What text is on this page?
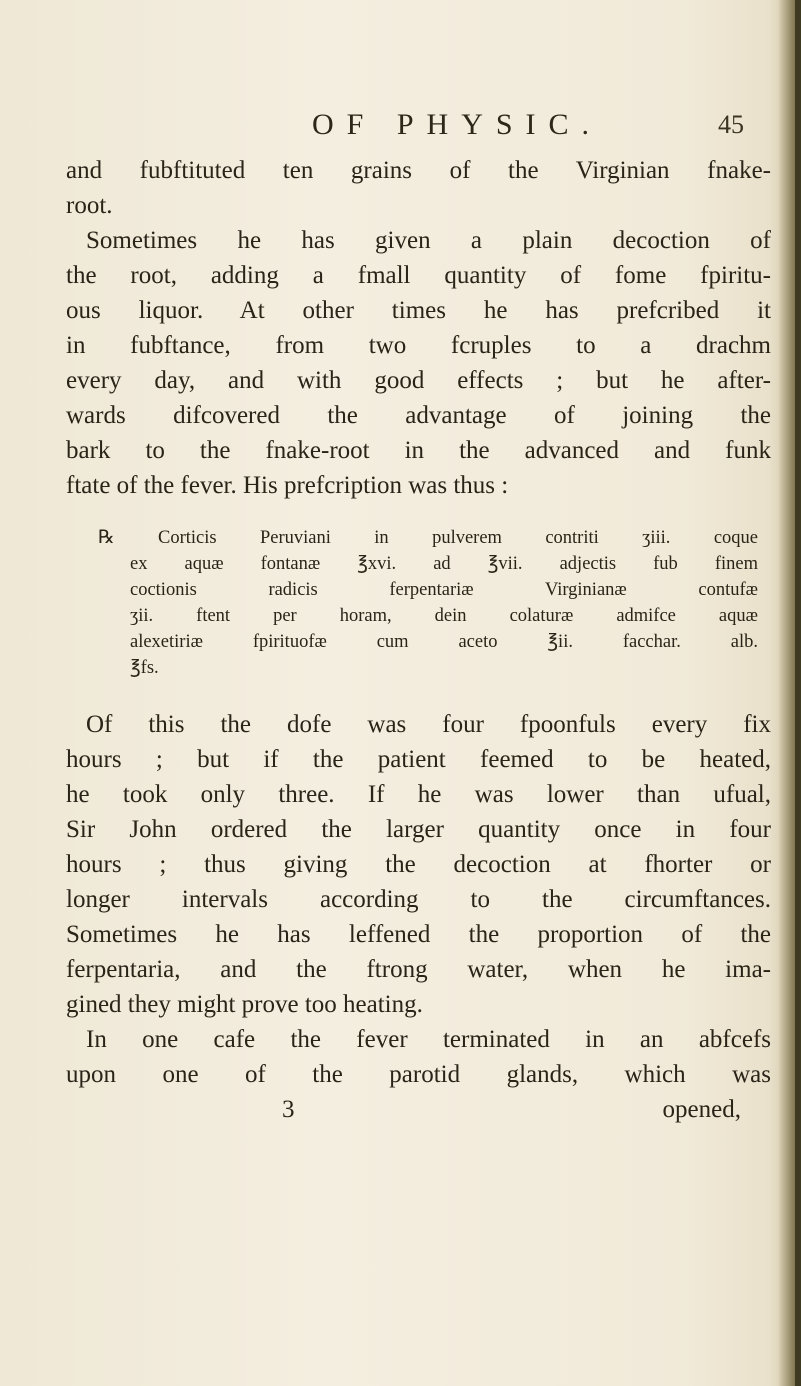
OF PHYSIC.	45
and fubftituted ten grains of the Virginian fnake-
root.
Sometimes he has given a plain decoction of
the root, adding a fmall quantity of fome fpiritu-
ous liquor. At other times he has prefcribed it
in fubftance, from two fcruples to a drachm
every day, and with good effects ; but he after-
wards difcovered the advantage of joining the
bark to the fnake-root in the advanced and funk
ftate of the fever. His prefcription was thus :
℞ Corticis Peruviani in pulverem contriti ʒiii. coque
ex aquæ fontanæ ℥xvi. ad ℥vii. adjectis fub finem
coctionis radicis ferpentariæ Virginianæ contufæ
ʒii. ftent per horam, dein colaturæ admifce aquæ
alexetiriæ fpirituofæ cum aceto ℥ii. facchar. alb.
℥fs.
Of this the dofe was four fpoonfuls every fix
hours ; but if the patient feemed to be heated,
he took only three. If he was lower than ufual,
Sir John ordered the larger quantity once in four
hours ; thus giving the decoction at fhorter or
longer intervals according to the circumftances.
Sometimes he has leffened the proportion of the
ferpentaria, and the ftrong water, when he ima-
gined they might prove too heating.
In one cafe the fever terminated in an abfcefs
upon one of the parotid glands, which was
3	opened,
